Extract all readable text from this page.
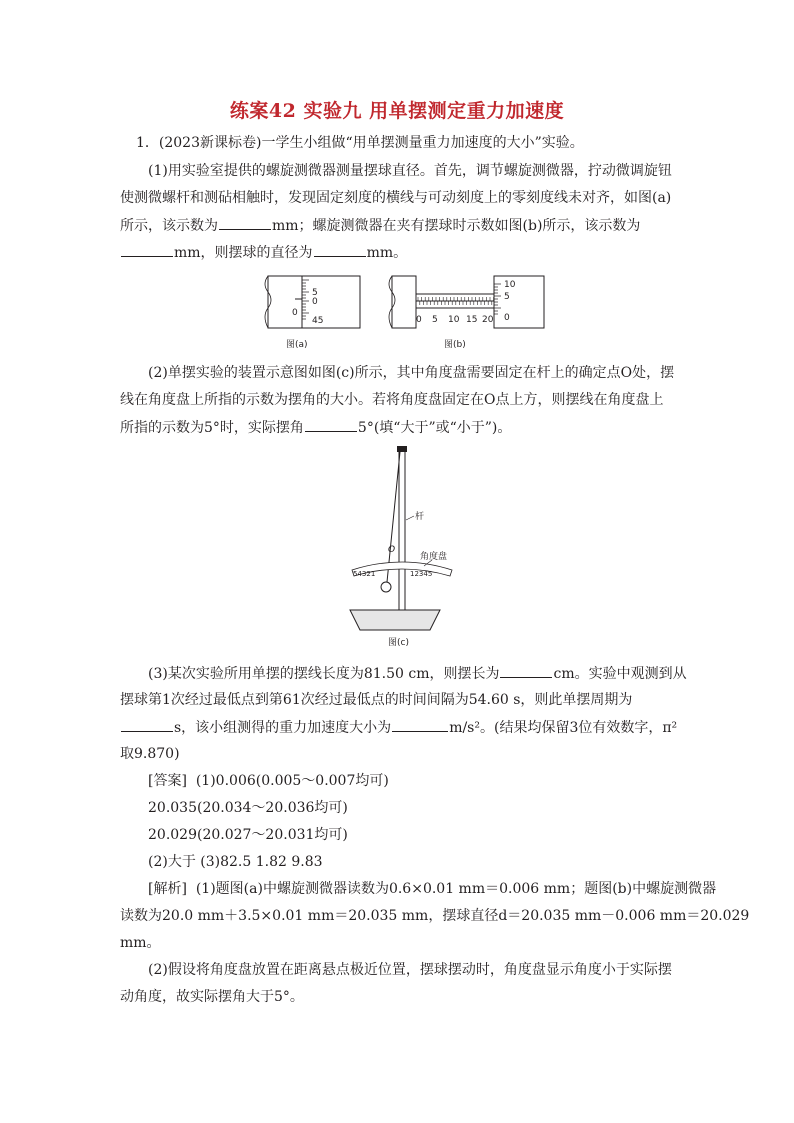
练案42 实验九 用单摆测定重力加速度
1．(2023新课标卷)一学生小组做“用单摆测量重力加速度的大小”实验。
(1)用实验室提供的螺旋测微器测量摆球直径。首先，调节螺旋测微器，拧动微调旋钮
使测微螺杆和测砧相触时，发现固定刻度的横线与可动刻度上的零刻度线未对齐，如图(a)
所示，该示数为	mm；螺旋测微器在夹有摆球时示数如图(b)所示，该示数为
mm，则摆球的直径为	mm。
5
0
45
0
图(a)
10
5
0
0 5 10 15 20
图(b)
(2)单摆实验的装置示意图如图(c)所示，其中角度盘需要固定在杆上的确定点O处，摆
线在角度盘上所指的示数为摆角的大小。若将角度盘固定在O点上方，则摆线在角度盘上
所指的示数为5°时，实际摆角	5°(填“大于”或“小于”)。
54321	12345
O
杆
角度盘
图(c)
(3)某次实验所用单摆的摆线长度为81.50 cm，则摆长为	cm。实验中观测到从
摆球第1次经过最低点到第61次经过最低点的时间间隔为54.60 s，则此单摆周期为
s，该小组测得的重力加速度大小为	m/s²。(结果均保留3位有效数字，π²
取9.870)
[答案] (1)0.006(0.005～0.007均可)
20.035(20.034～20.036均可)
20.029(20.027～20.031均可)
(2)大于 (3)82.5 1.82 9.83
[解析] (1)题图(a)中螺旋测微器读数为0.6×0.01 mm＝0.006 mm；题图(b)中螺旋测微器
读数为20.0 mm＋3.5×0.01 mm＝20.035 mm，摆球直径d＝20.035 mm－0.006 mm＝20.029
mm。
(2)假设将角度盘放置在距离悬点极近位置，摆球摆动时，角度盘显示角度小于实际摆
动角度，故实际摆角大于5°。
